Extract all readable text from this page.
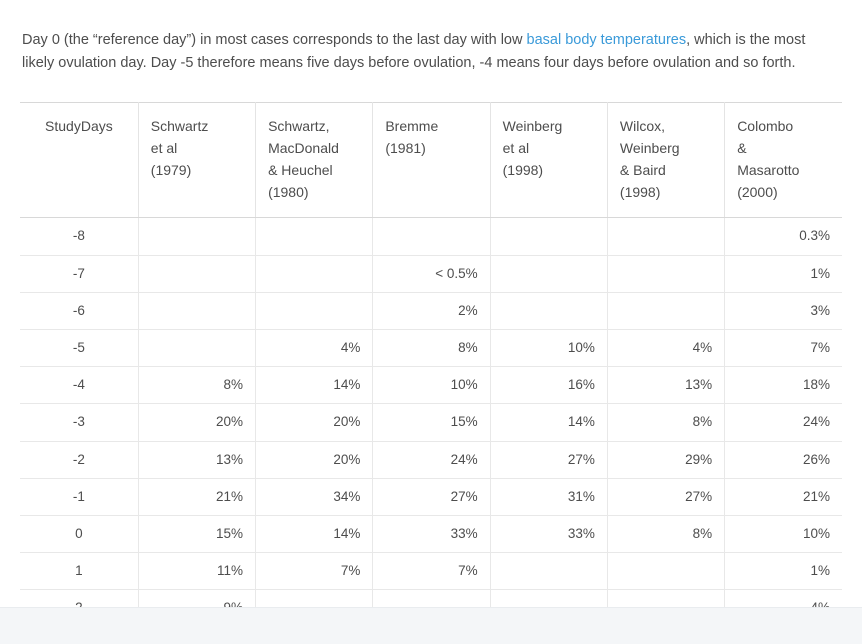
Day 0 (the “reference day”) in most cases corresponds to the last day with low basal body temperatures, which is the most likely ovulation day. Day -5 therefore means five days before ovulation, -4 means four days before ovulation and so forth.

StudyDays	Schwartz
et al
(1979)	Schwartz,
MacDonald
& Heuchel
(1980)	Bremme
(1981)	Weinberg
et al
(1998)	Wilcox,
Weinberg
& Baird
(1998)	Colombo
&
Masarotto
(2000)

-8						0.3%
-7			< 0.5%			1%
-6			2%			3%
-5		4%	8%	10%	4%	7%
-4	8%	14%	10%	16%	13%	18%
-3	20%	20%	15%	14%	8%	24%
-2	13%	20%	24%	27%	29%	26%
-1	21%	34%	27%	31%	27%	21%
0	15%	14%	33%	33%	8%	10%
1	11%	7%	7%			1%
